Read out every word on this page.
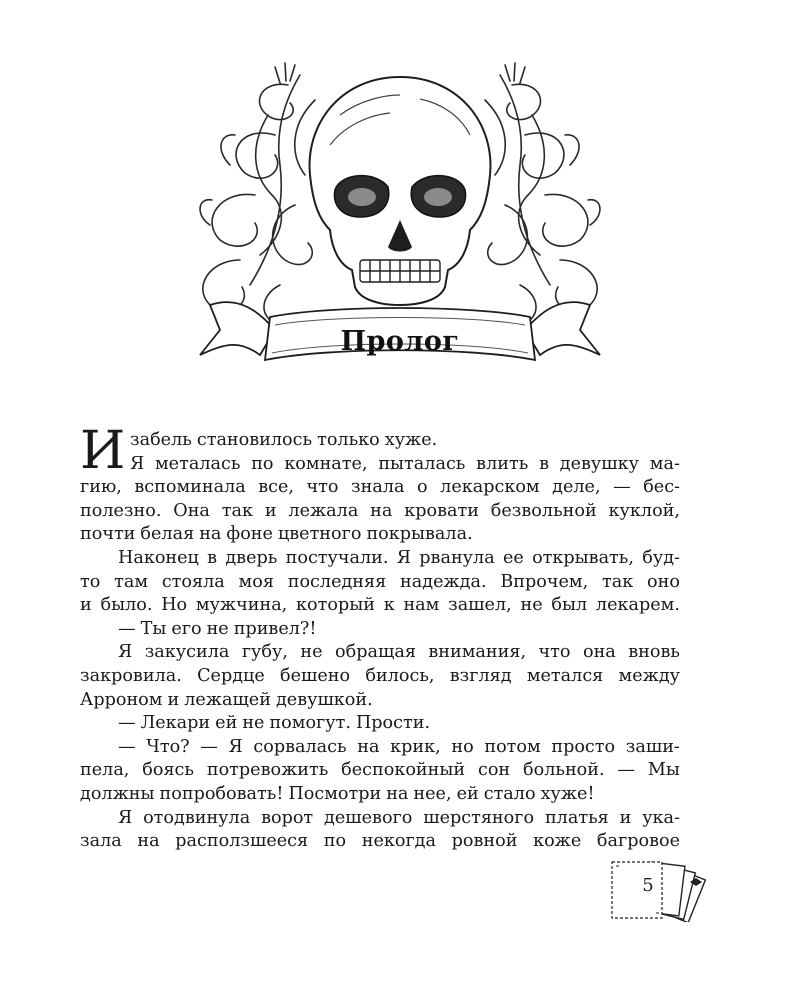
Пролог
И забель становилось только хуже.
Я металась по комнате, пыталась влить в девушку ма-
гию, вспоминала все, что знала о лекарском деле, — бес-
полезно. Она так и лежала на кровати безвольной куклой,
почти белая на фоне цветного покрывала.
Наконец в дверь постучали. Я рванула ее открывать, буд-
то там стояла моя последняя надежда. Впрочем, так оно
и было. Но мужчина, который к нам зашел, не был лекарем.
— Ты его не привел?!
Я закусила губу, не обращая внимания, что она вновь
закровила. Сердце бешено билось, взгляд метался между
Арроном и лежащей девушкой.
— Лекари ей не помогут. Прости.
— Что? — Я сорвалась на крик, но потом просто заши-
пела, боясь потревожить беспокойный сон больной. — Мы
должны попробовать! Посмотри на нее, ей стало хуже!
Я отодвинула ворот дешевого шерстяного платья и ука-
зала на расползшееся по некогда ровной коже багровое
5
